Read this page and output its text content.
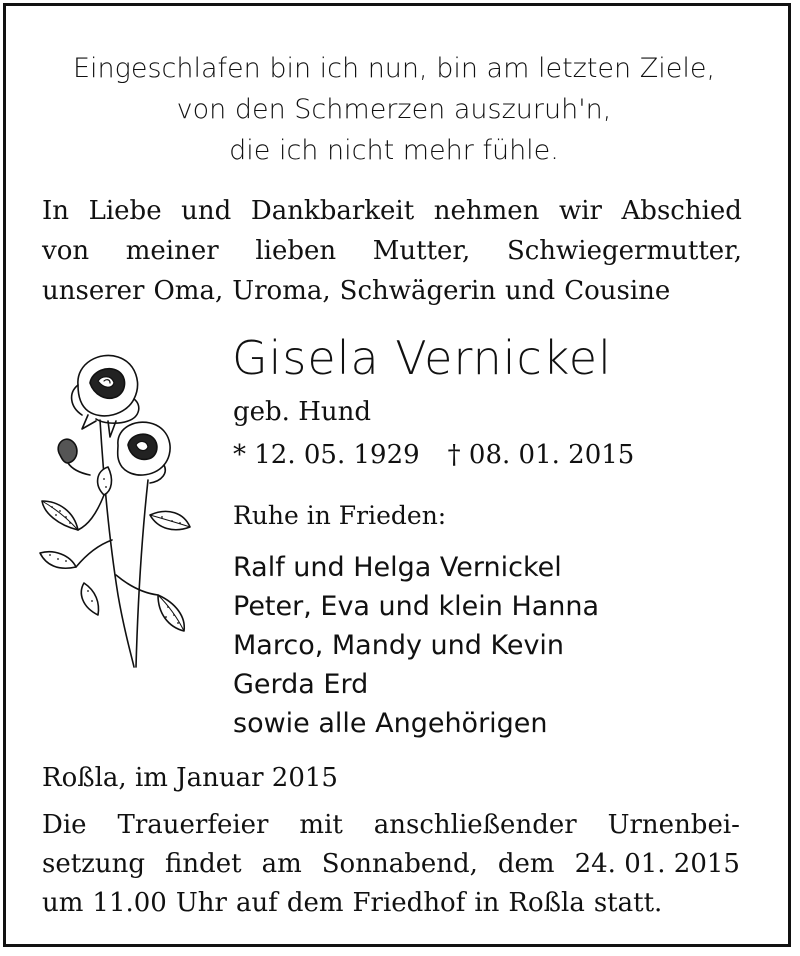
Eingeschlafen bin ich nun, bin am letzten Ziele,
von den Schmerzen auszuruh'n,
die ich nicht mehr fühle.
In Liebe und Dankbarkeit nehmen wir Abschied
von meiner lieben Mutter, Schwiegermutter,
unserer Oma, Uroma, Schwägerin und Cousine
Gisela Vernickel
geb. Hund
* 12. 05. 1929 † 08. 01. 2015
Ruhe in Frieden:
Ralf und Helga Vernickel
Peter, Eva und klein Hanna
Marco, Mandy und Kevin
Gerda Erd
sowie alle Angehörigen
Roßla, im Januar 2015
Die Trauerfeier mit anschließender Urnenbei-
setzung findet am Sonnabend, dem 24. 01. 2015
um 11.00 Uhr auf dem Friedhof in Roßla statt.
